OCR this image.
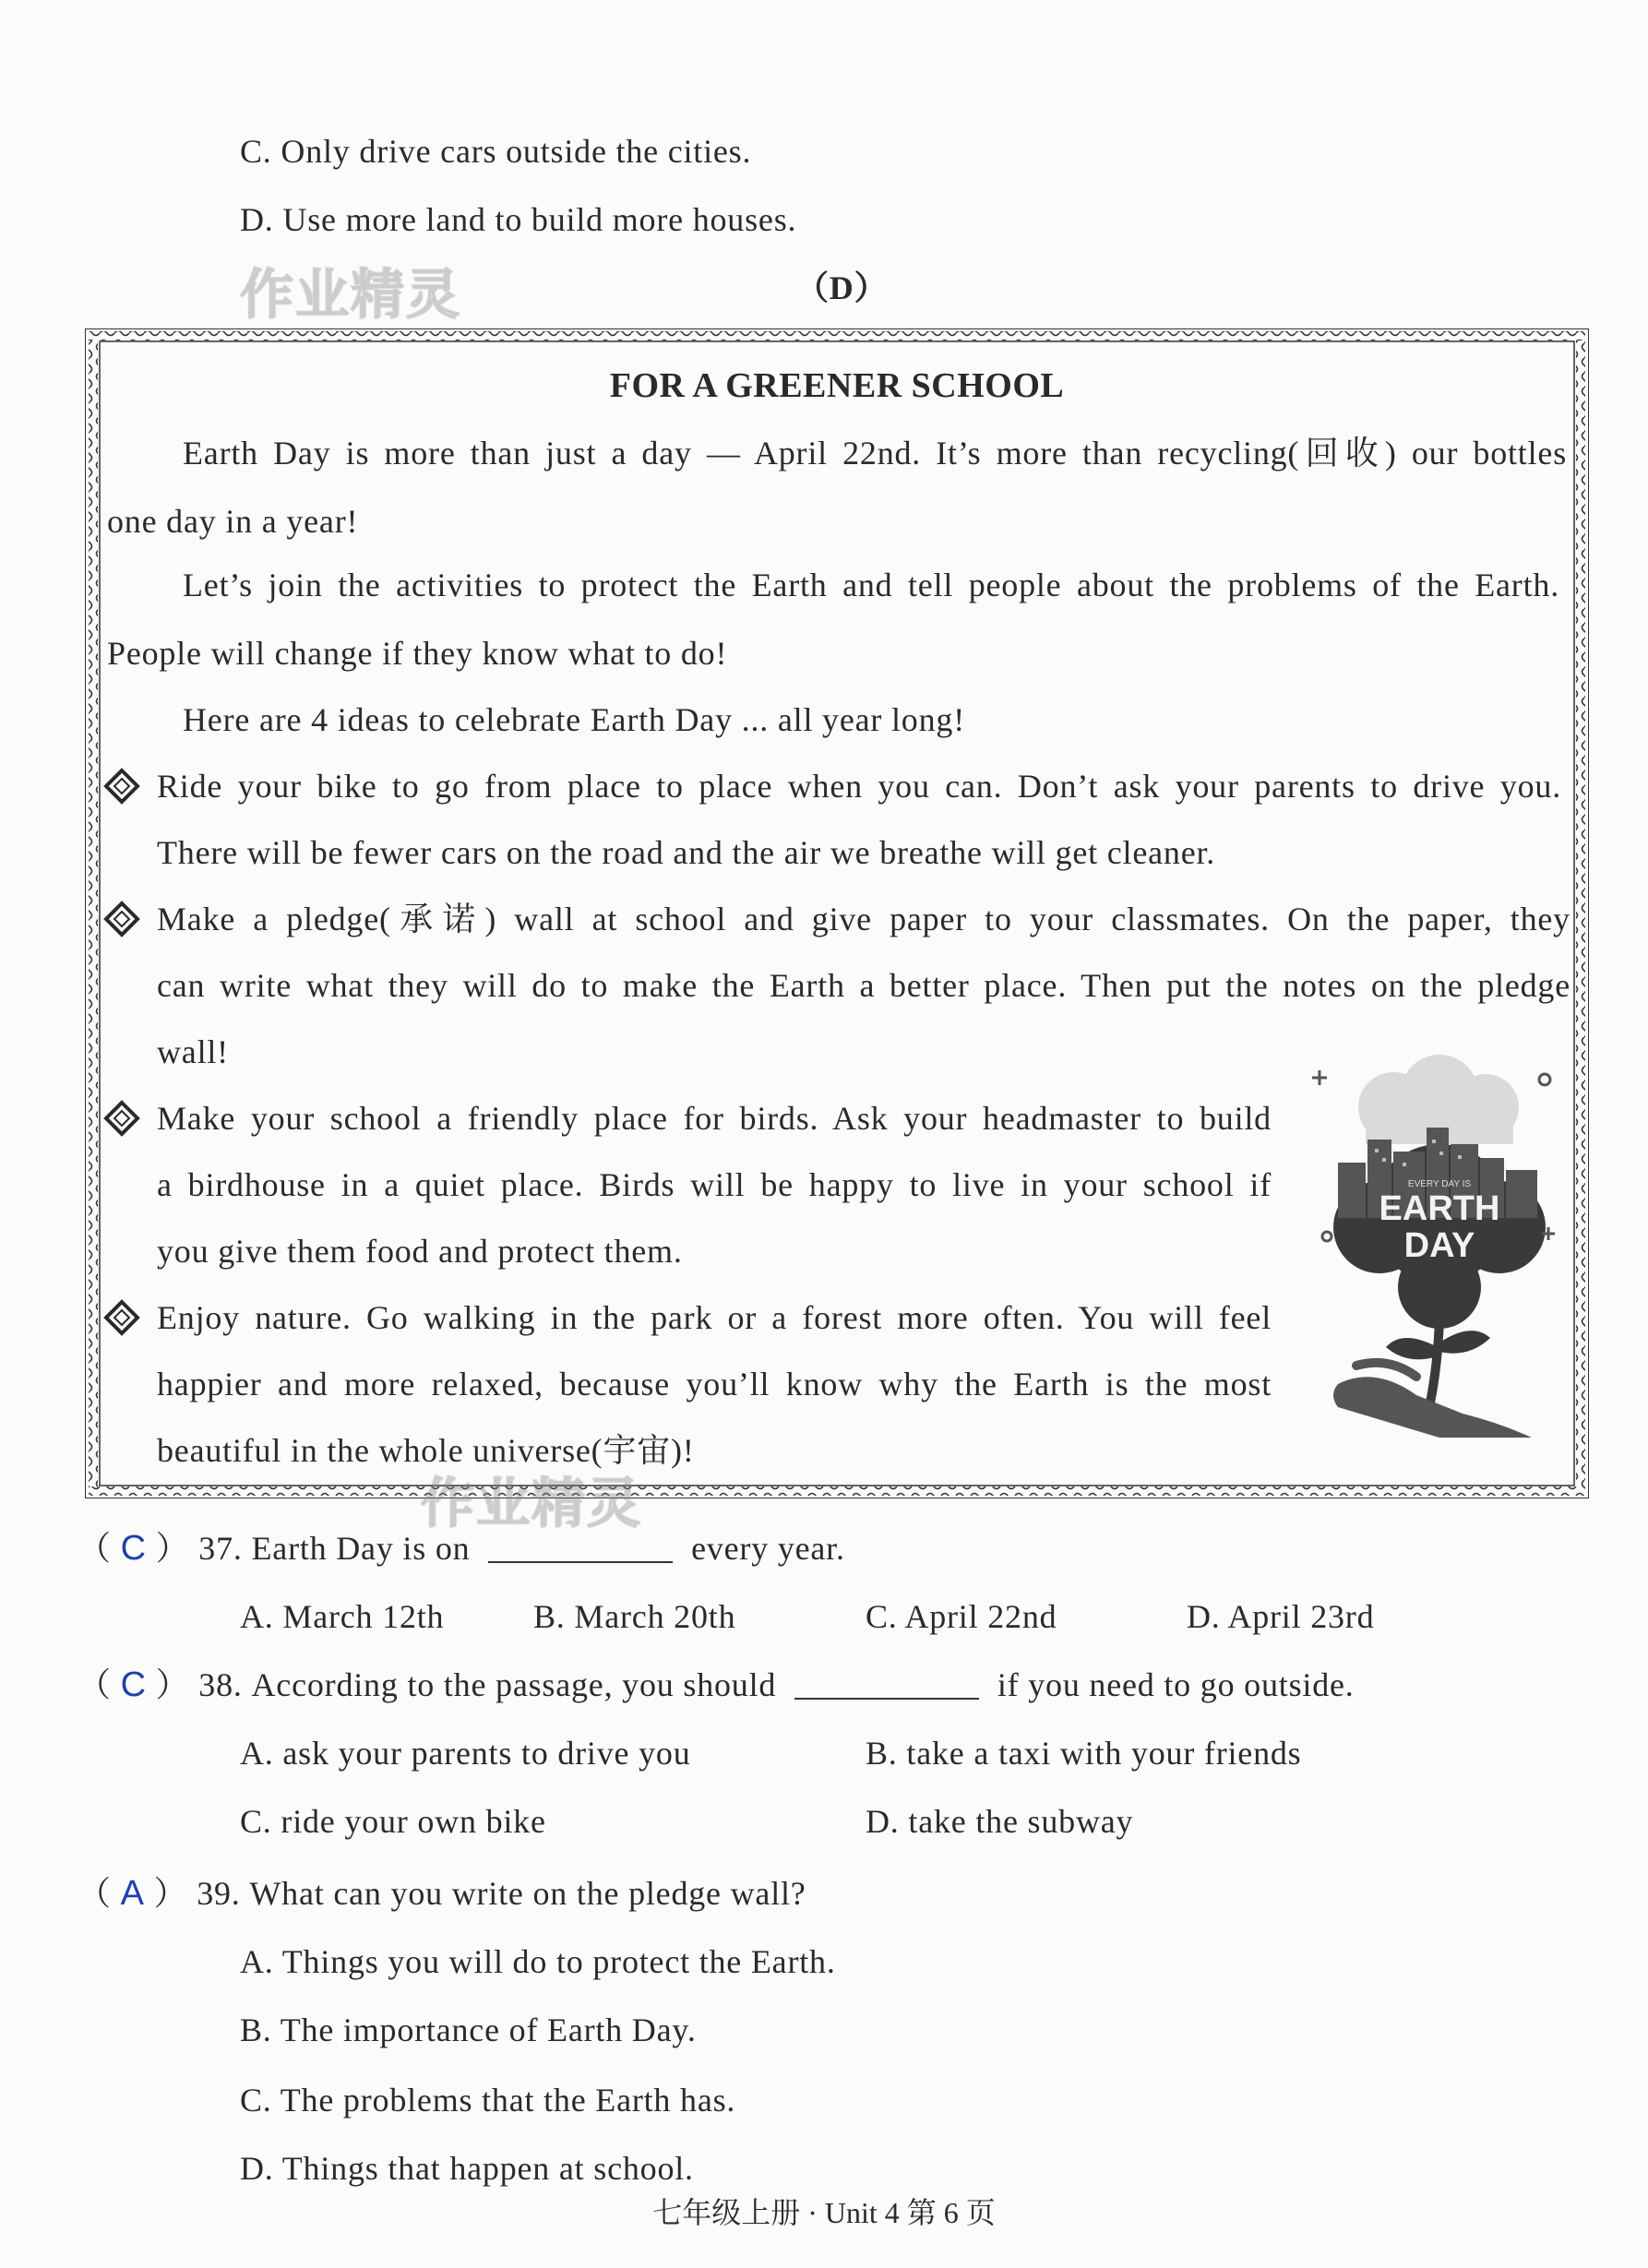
C. Only drive cars outside the cities.
D. Use more land to build more houses.
作业精灵	（D）
FOR A GREENER SCHOOL
Earth Day is more than just a day — April 22nd. It’s more than recycling(回收) our bottles
one day in a year!
Let’s join the activities to protect the Earth and tell people about the problems of the Earth.
People will change if they know what to do!
Here are 4 ideas to celebrate Earth Day ... all year long!
Ride your bike to go from place to place when you can. Don’t ask your parents to drive you.
There will be fewer cars on the road and the air we breathe will get cleaner.
Make a pledge(承诺) wall at school and give paper to your classmates. On the paper, they
can write what they will do to make the Earth a better place. Then put the notes on the pledge
wall!
Make your school a friendly place for birds. Ask your headmaster to build
a birdhouse in a quiet place. Birds will be happy to live in your school if
you give them food and protect them.
Enjoy nature. Go walking in the park or a forest more often. You will feel
happier and more relaxed, because you’ll know why the Earth is the most
beautiful in the whole universe(宇宙)!
作业精灵
EVERY DAY IS
EARTH
DAY
（ C ） 37. Earth Day is on	every year.
A. March 12th	B. March 20th	C. April 22nd	D. April 23rd
（ C ） 38. According to the passage, you should	if you need to go outside.
A. ask your parents to drive you	B. take a taxi with your friends
C. ride your own bike	D. take the subway
（ A ） 39. What can you write on the pledge wall?
A. Things you will do to protect the Earth.
B. The importance of Earth Day.
C. The problems that the Earth has.
D. Things that happen at school.
七年级上册 · Unit 4 第 6 页
